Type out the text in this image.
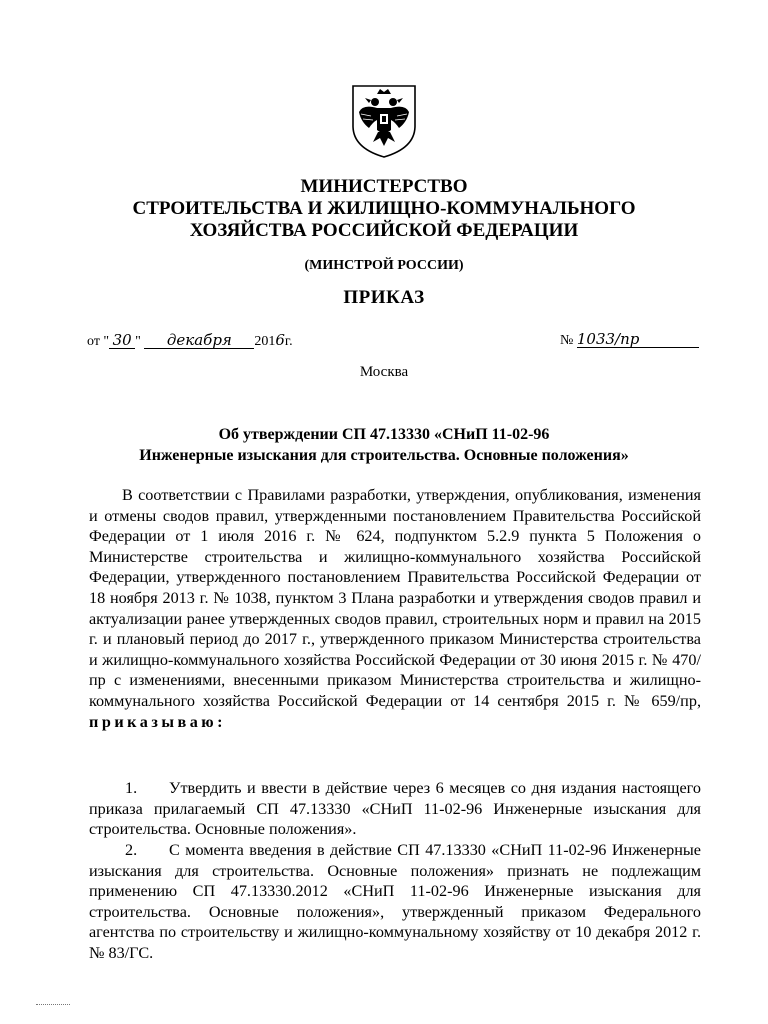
МИНИСТЕРСТВО
СТРОИТЕЛЬСТВА И ЖИЛИЩНО-КОММУНАЛЬНОГО
ХОЗЯЙСТВА РОССИЙСКОЙ ФЕДЕРАЦИИ
(МИНСТРОЙ РОССИИ)
ПРИКАЗ
от " 30 " декабря 2016г.	№ 1033/пр
Москва
Об утверждении СП 47.13330 «СНиП 11-02-96
Инженерные изыскания для строительства. Основные положения»

В соответствии с Правилами разработки, утверждения, опубликования, изменения и отмены сводов правил, утвержденными постановлением Правительства Российской Федерации от 1 июля 2016 г. № 624, подпунктом 5.2.9 пункта 5 Положения о Министерстве строительства и жилищно-коммунального хозяйства Российской Федерации, утвержденного постановлением Правительства Российской Федерации от 18 ноября 2013 г. № 1038, пунктом 3 Плана разработки и утверждения сводов правил и актуализации ранее утвержденных сводов правил, строительных норм и правил на 2015 г. и плановый период до 2017 г., утвержденного приказом Министерства строительства и жилищно-коммунального хозяйства Российской Федерации от 30 июня 2015 г. № 470/пр с изменениями, внесенными приказом Министерства строительства и жилищно-коммунального хозяйства Российской Федерации от 14 сентября 2015 г. № 659/пр, приказываю:

1. Утвердить и ввести в действие через 6 месяцев со дня издания настоящего приказа прилагаемый СП 47.13330 «СНиП 11-02-96 Инженерные изыскания для строительства. Основные положения».

2. С момента введения в действие СП 47.13330 «СНиП 11-02-96 Инженерные изыскания для строительства. Основные положения» признать не подлежащим применению СП 47.13330.2012 «СНиП 11-02-96 Инженерные изыскания для строительства. Основные положения», утвержденный приказом Федерального агентства по строительству и жилищно-коммунальному хозяйству от 10 декабря 2012 г. № 83/ГС.
